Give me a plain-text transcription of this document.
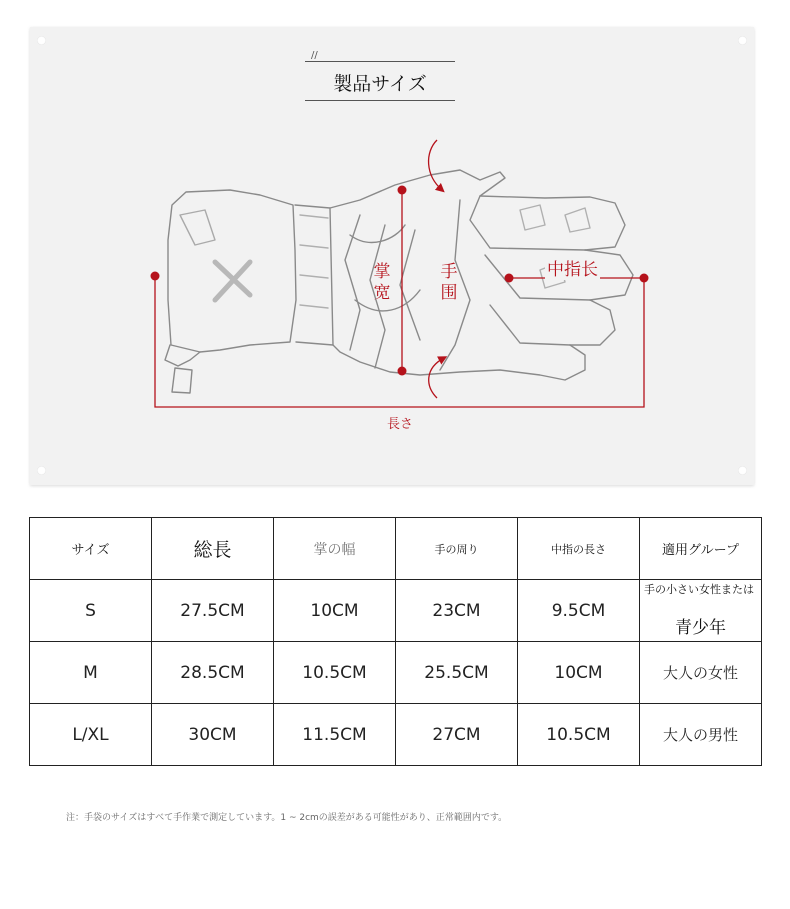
//
製品サイズ
掌宽
手围
中指长
長さ
サイズ	総長	掌の幅	手の周り	中指の長さ	適用グループ
S	27.5CM	10CM	23CM	9.5CM	手の小さい女性または
青少年

M	28.5CM	10.5CM	25.5CM	10CM	大人の女性
L/XL	30CM	11.5CM	27CM	10.5CM	大人の男性
注：手袋のサイズはすべて手作業で測定しています。1 ~ 2cmの誤差がある可能性があり、正常範囲内です。
